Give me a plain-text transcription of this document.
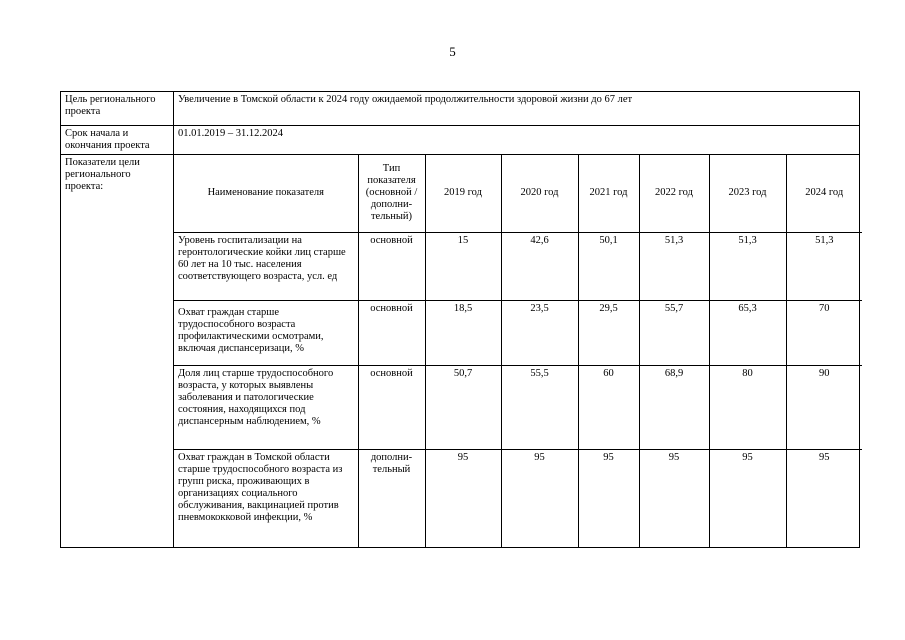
5
Цель регионального проекта	Увеличение в Томской области к 2024 году ожидаемой продолжительности здоровой жизни до 67 лет
Срок начала и окончания проекта	01.01.2019 – 31.12.2024
Показатели цели регионального проекта:	
Наименование показателя	Тип показателя (основной / дополни-тельный)	2019 год	2020 год	2021 год	2022 год	2023 год	2024 год
Уровень госпитализации на геронтологические койки лиц старше 60 лет на 10 тыс. населения соответствующего возраста, усл. ед	основной	15	42,6	50,1	51,3	51,3	51,3
Охват граждан старше трудоспособного возраста профилактическими осмотрами, включая диспансеризаци, %	основной	18,5	23,5	29,5	55,7	65,3	70
Доля лиц старше трудоспособного возраста, у которых выявлены заболевания и патологические состояния, находящихся под диспансерным наблюдением, %	основной	50,7	55,5	60	68,9	80	90
Охват граждан в Томской области старше трудоспособного возраста из групп риска, проживающих в организациях социального обслуживания, вакцинацией против пневмококковой инфекции, %	дополни-тельный	95	95	95	95	95	95
